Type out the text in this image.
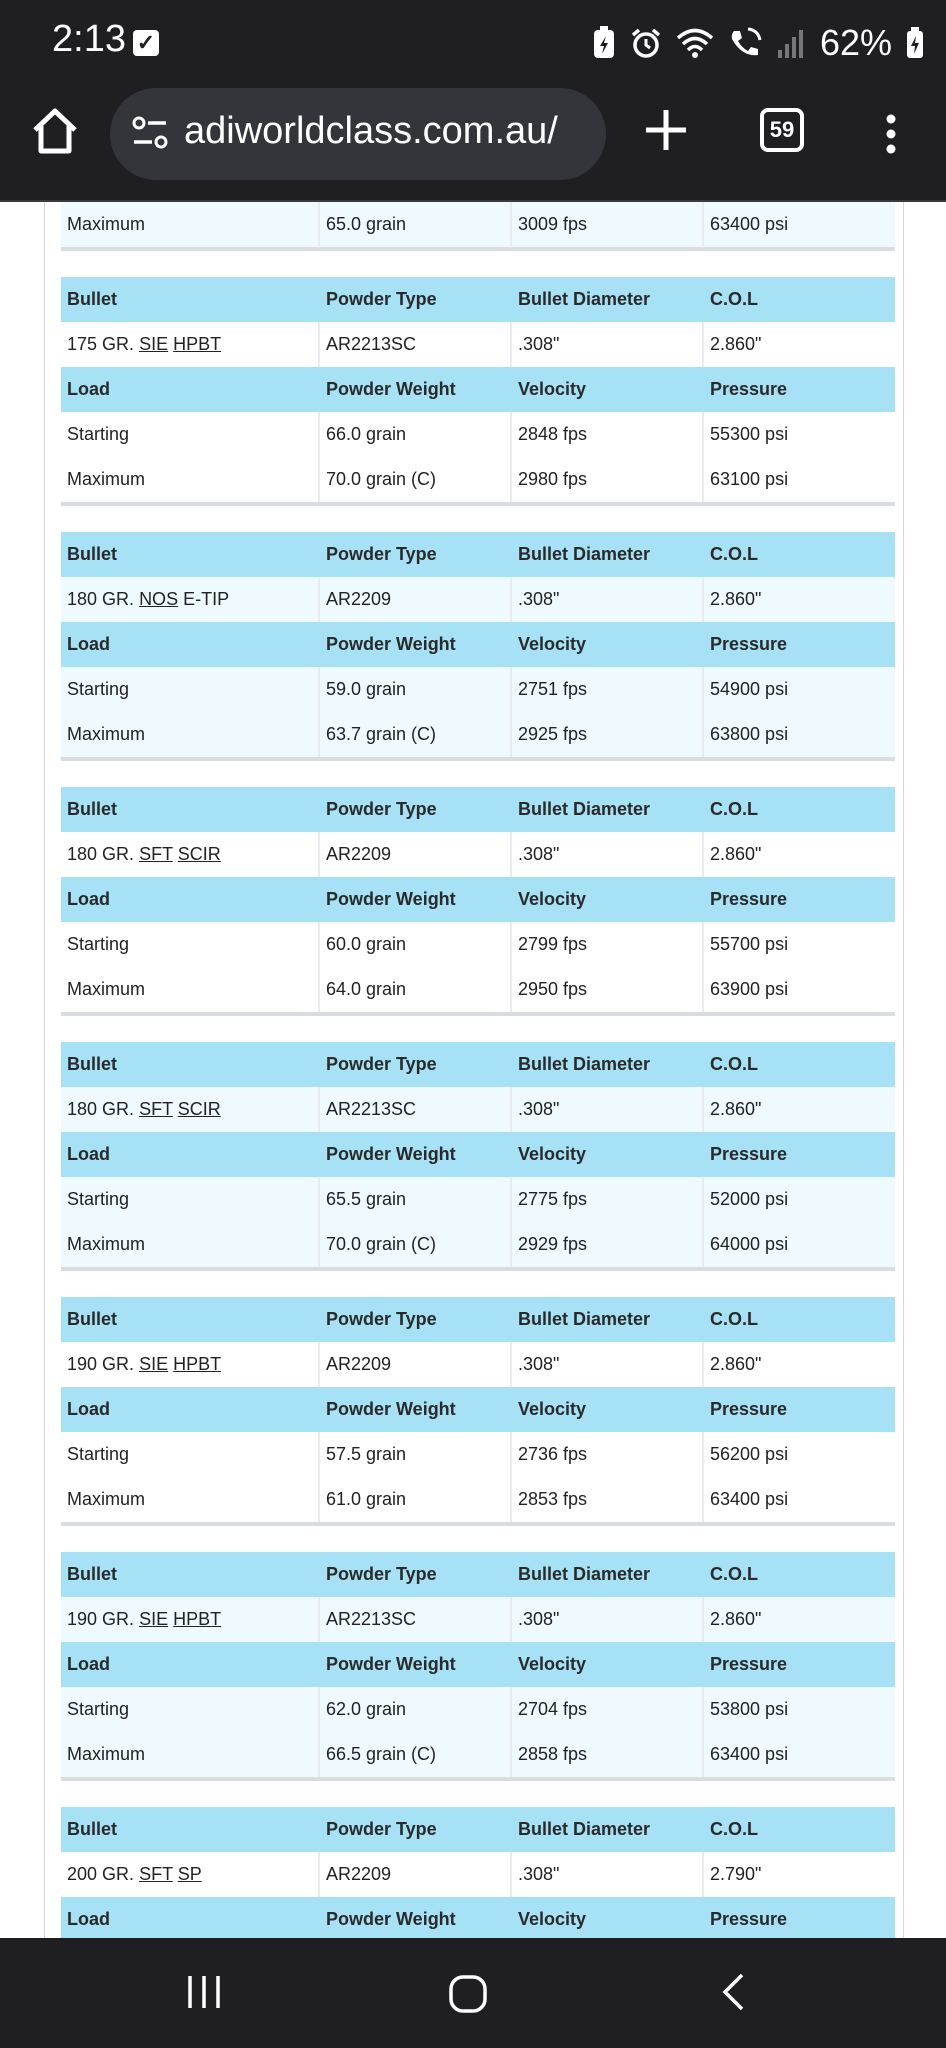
2:13 ✓	62%
adiworldclass.com.au/	59
Maximum	65.0 grain	3009 fps	63400 psi
Bullet	Powder Type	Bullet Diameter	C.O.L
175 GR. SIE HPBT	AR2213SC	.308"	2.860"
Load	Powder Weight	Velocity	Pressure
Starting	66.0 grain	2848 fps	55300 psi
Maximum	70.0 grain (C)	2980 fps	63100 psi
Bullet	Powder Type	Bullet Diameter	C.O.L
180 GR. NOS E-TIP	AR2209	.308"	2.860"
Load	Powder Weight	Velocity	Pressure
Starting	59.0 grain	2751 fps	54900 psi
Maximum	63.7 grain (C)	2925 fps	63800 psi
Bullet	Powder Type	Bullet Diameter	C.O.L
180 GR. SFT SCIR	AR2209	.308"	2.860"
Load	Powder Weight	Velocity	Pressure
Starting	60.0 grain	2799 fps	55700 psi
Maximum	64.0 grain	2950 fps	63900 psi
Bullet	Powder Type	Bullet Diameter	C.O.L
180 GR. SFT SCIR	AR2213SC	.308"	2.860"
Load	Powder Weight	Velocity	Pressure
Starting	65.5 grain	2775 fps	52000 psi
Maximum	70.0 grain (C)	2929 fps	64000 psi
Bullet	Powder Type	Bullet Diameter	C.O.L
190 GR. SIE HPBT	AR2209	.308"	2.860"
Load	Powder Weight	Velocity	Pressure
Starting	57.5 grain	2736 fps	56200 psi
Maximum	61.0 grain	2853 fps	63400 psi
Bullet	Powder Type	Bullet Diameter	C.O.L
190 GR. SIE HPBT	AR2213SC	.308"	2.860"
Load	Powder Weight	Velocity	Pressure
Starting	62.0 grain	2704 fps	53800 psi
Maximum	66.5 grain (C)	2858 fps	63400 psi
Bullet	Powder Type	Bullet Diameter	C.O.L
200 GR. SFT SP	AR2209	.308"	2.790"
Load	Powder Weight	Velocity	Pressure
